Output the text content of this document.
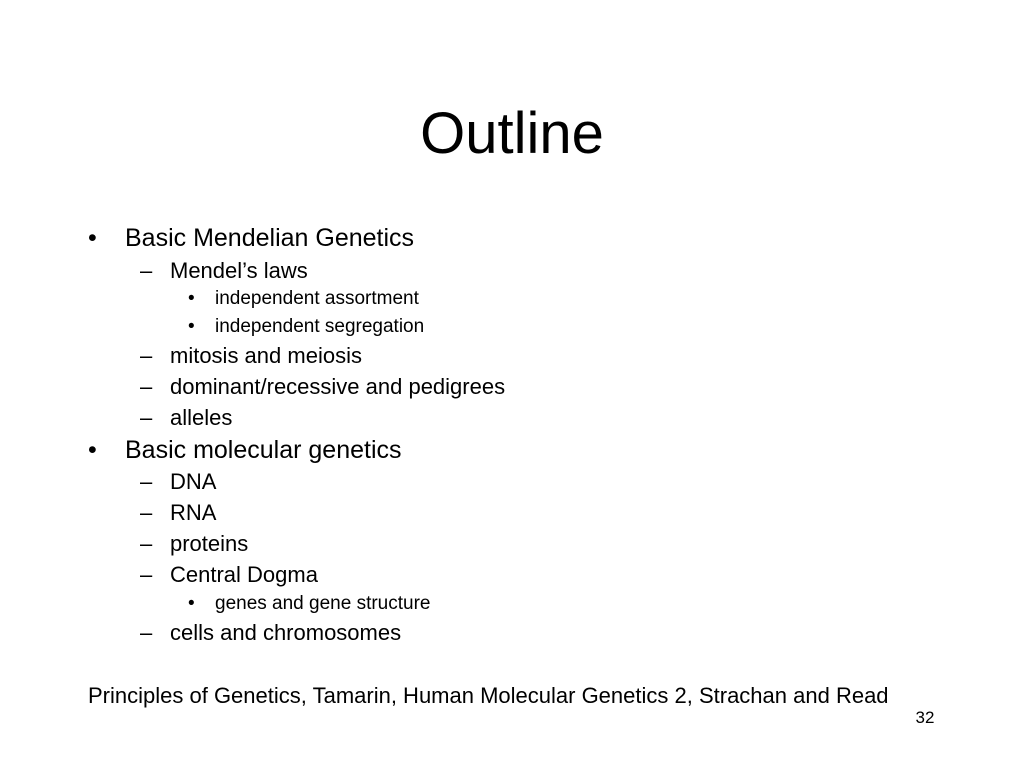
Outline
• Basic Mendelian Genetics
– Mendel’s laws
• independent assortment
• independent segregation
– mitosis and meiosis
– dominant/recessive and pedigrees
– alleles
• Basic molecular genetics
– DNA
– RNA
– proteins
– Central Dogma
• genes and gene structure
– cells and chromosomes
Principles of Genetics, Tamarin, Human Molecular Genetics 2, Strachan and Read
32
